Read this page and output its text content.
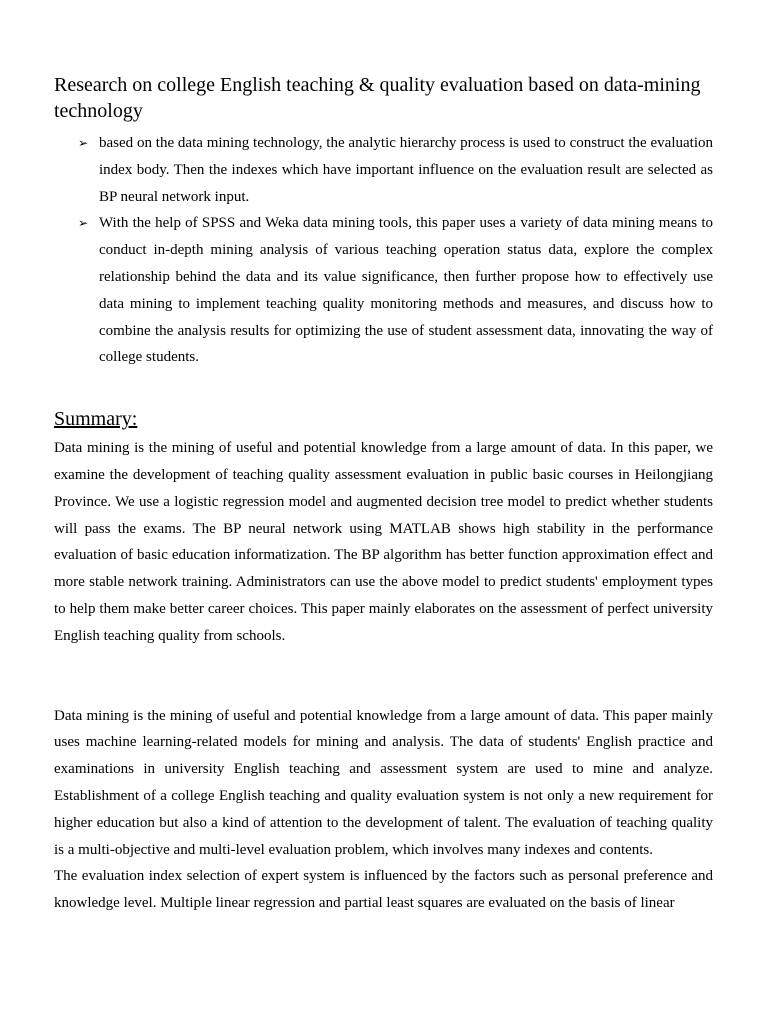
Research on college English teaching & quality evaluation based on data-mining technology
➢ based on the data mining technology, the analytic hierarchy process is used to construct the evaluation index body. Then the indexes which have important influence on the evaluation result are selected as BP neural network input.
➢ With the help of SPSS and Weka data mining tools, this paper uses a variety of data mining means to conduct in-depth mining analysis of various teaching operation status data, explore the complex relationship behind the data and its value significance, then further propose how to effectively use data mining to implement teaching quality monitoring methods and measures, and discuss how to combine the analysis results for optimizing the use of student assessment data, innovating the way of college students.
Summary:

Data mining is the mining of useful and potential knowledge from a large amount of data. In this paper, we examine the development of teaching quality assessment evaluation in public basic courses in Heilongjiang Province. We use a logistic regression model and augmented decision tree model to predict whether students will pass the exams. The BP neural network using MATLAB shows high stability in the performance evaluation of basic education informatization. The BP algorithm has better function approximation effect and more stable network training. Administrators can use the above model to predict students' employment types to help them make better career choices. This paper mainly elaborates on the assessment of perfect university English teaching quality from schools.

Data mining is the mining of useful and potential knowledge from a large amount of data. This paper mainly uses machine learning-related models for mining and analysis. The data of students' English practice and examinations in university English teaching and assessment system are used to mine and analyze. Establishment of a college English teaching and quality evaluation system is not only a new requirement for higher education but also a kind of attention to the development of talent. The evaluation of teaching quality is a multi-objective and multi-level evaluation problem, which involves many indexes and contents.

The evaluation index selection of expert system is influenced by the factors such as personal preference and knowledge level. Multiple linear regression and partial least squares are evaluated on the basis of linear
